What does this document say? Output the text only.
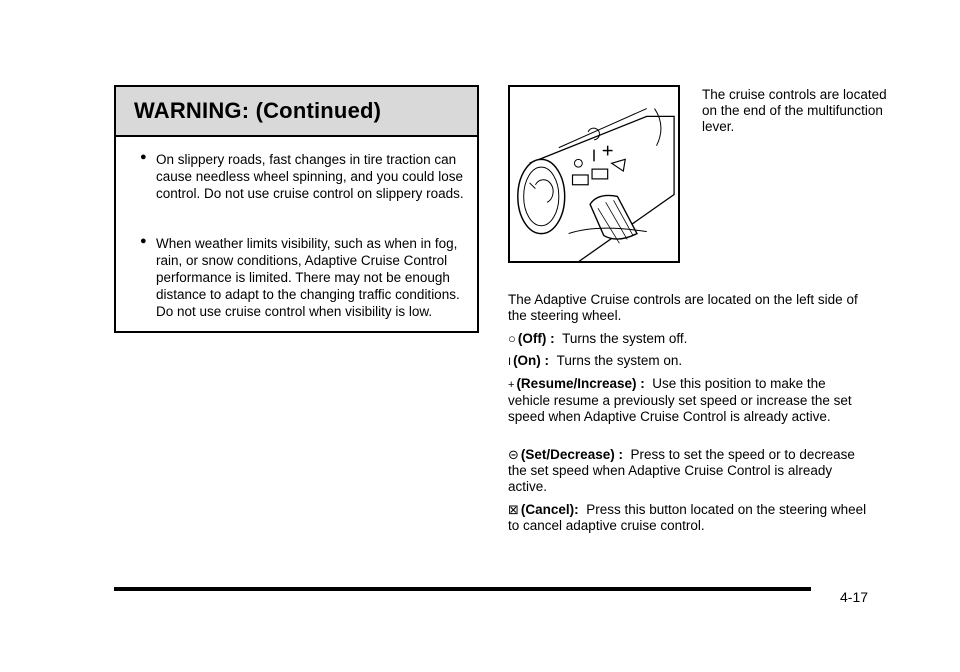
WARNING: (Continued)
● On slippery roads, fast changes in tire traction can cause needless wheel spinning, and you could lose control. Do not use cruise control on slippery roads.
● When weather limits visibility, such as when in fog, rain, or snow conditions, Adaptive Cruise Control performance is limited. There may not be enough distance to adapt to the changing traffic conditions. Do not use cruise control when visibility is low.
The cruise controls are located on the end of the multifunction lever.
The Adaptive Cruise controls are located on the left side of the steering wheel.
○ (Off) : Turns the system off.
I (On) : Turns the system on.
+ (Resume/Increase) : Use this position to make the vehicle resume a previously set speed or increase the set speed when Adaptive Cruise Control is already active.
⊝ (Set/Decrease) : Press to set the speed or to decrease the set speed when Adaptive Cruise Control is already active.
⊠ (Cancel): Press this button located on the steering wheel to cancel adaptive cruise control.
4-17
